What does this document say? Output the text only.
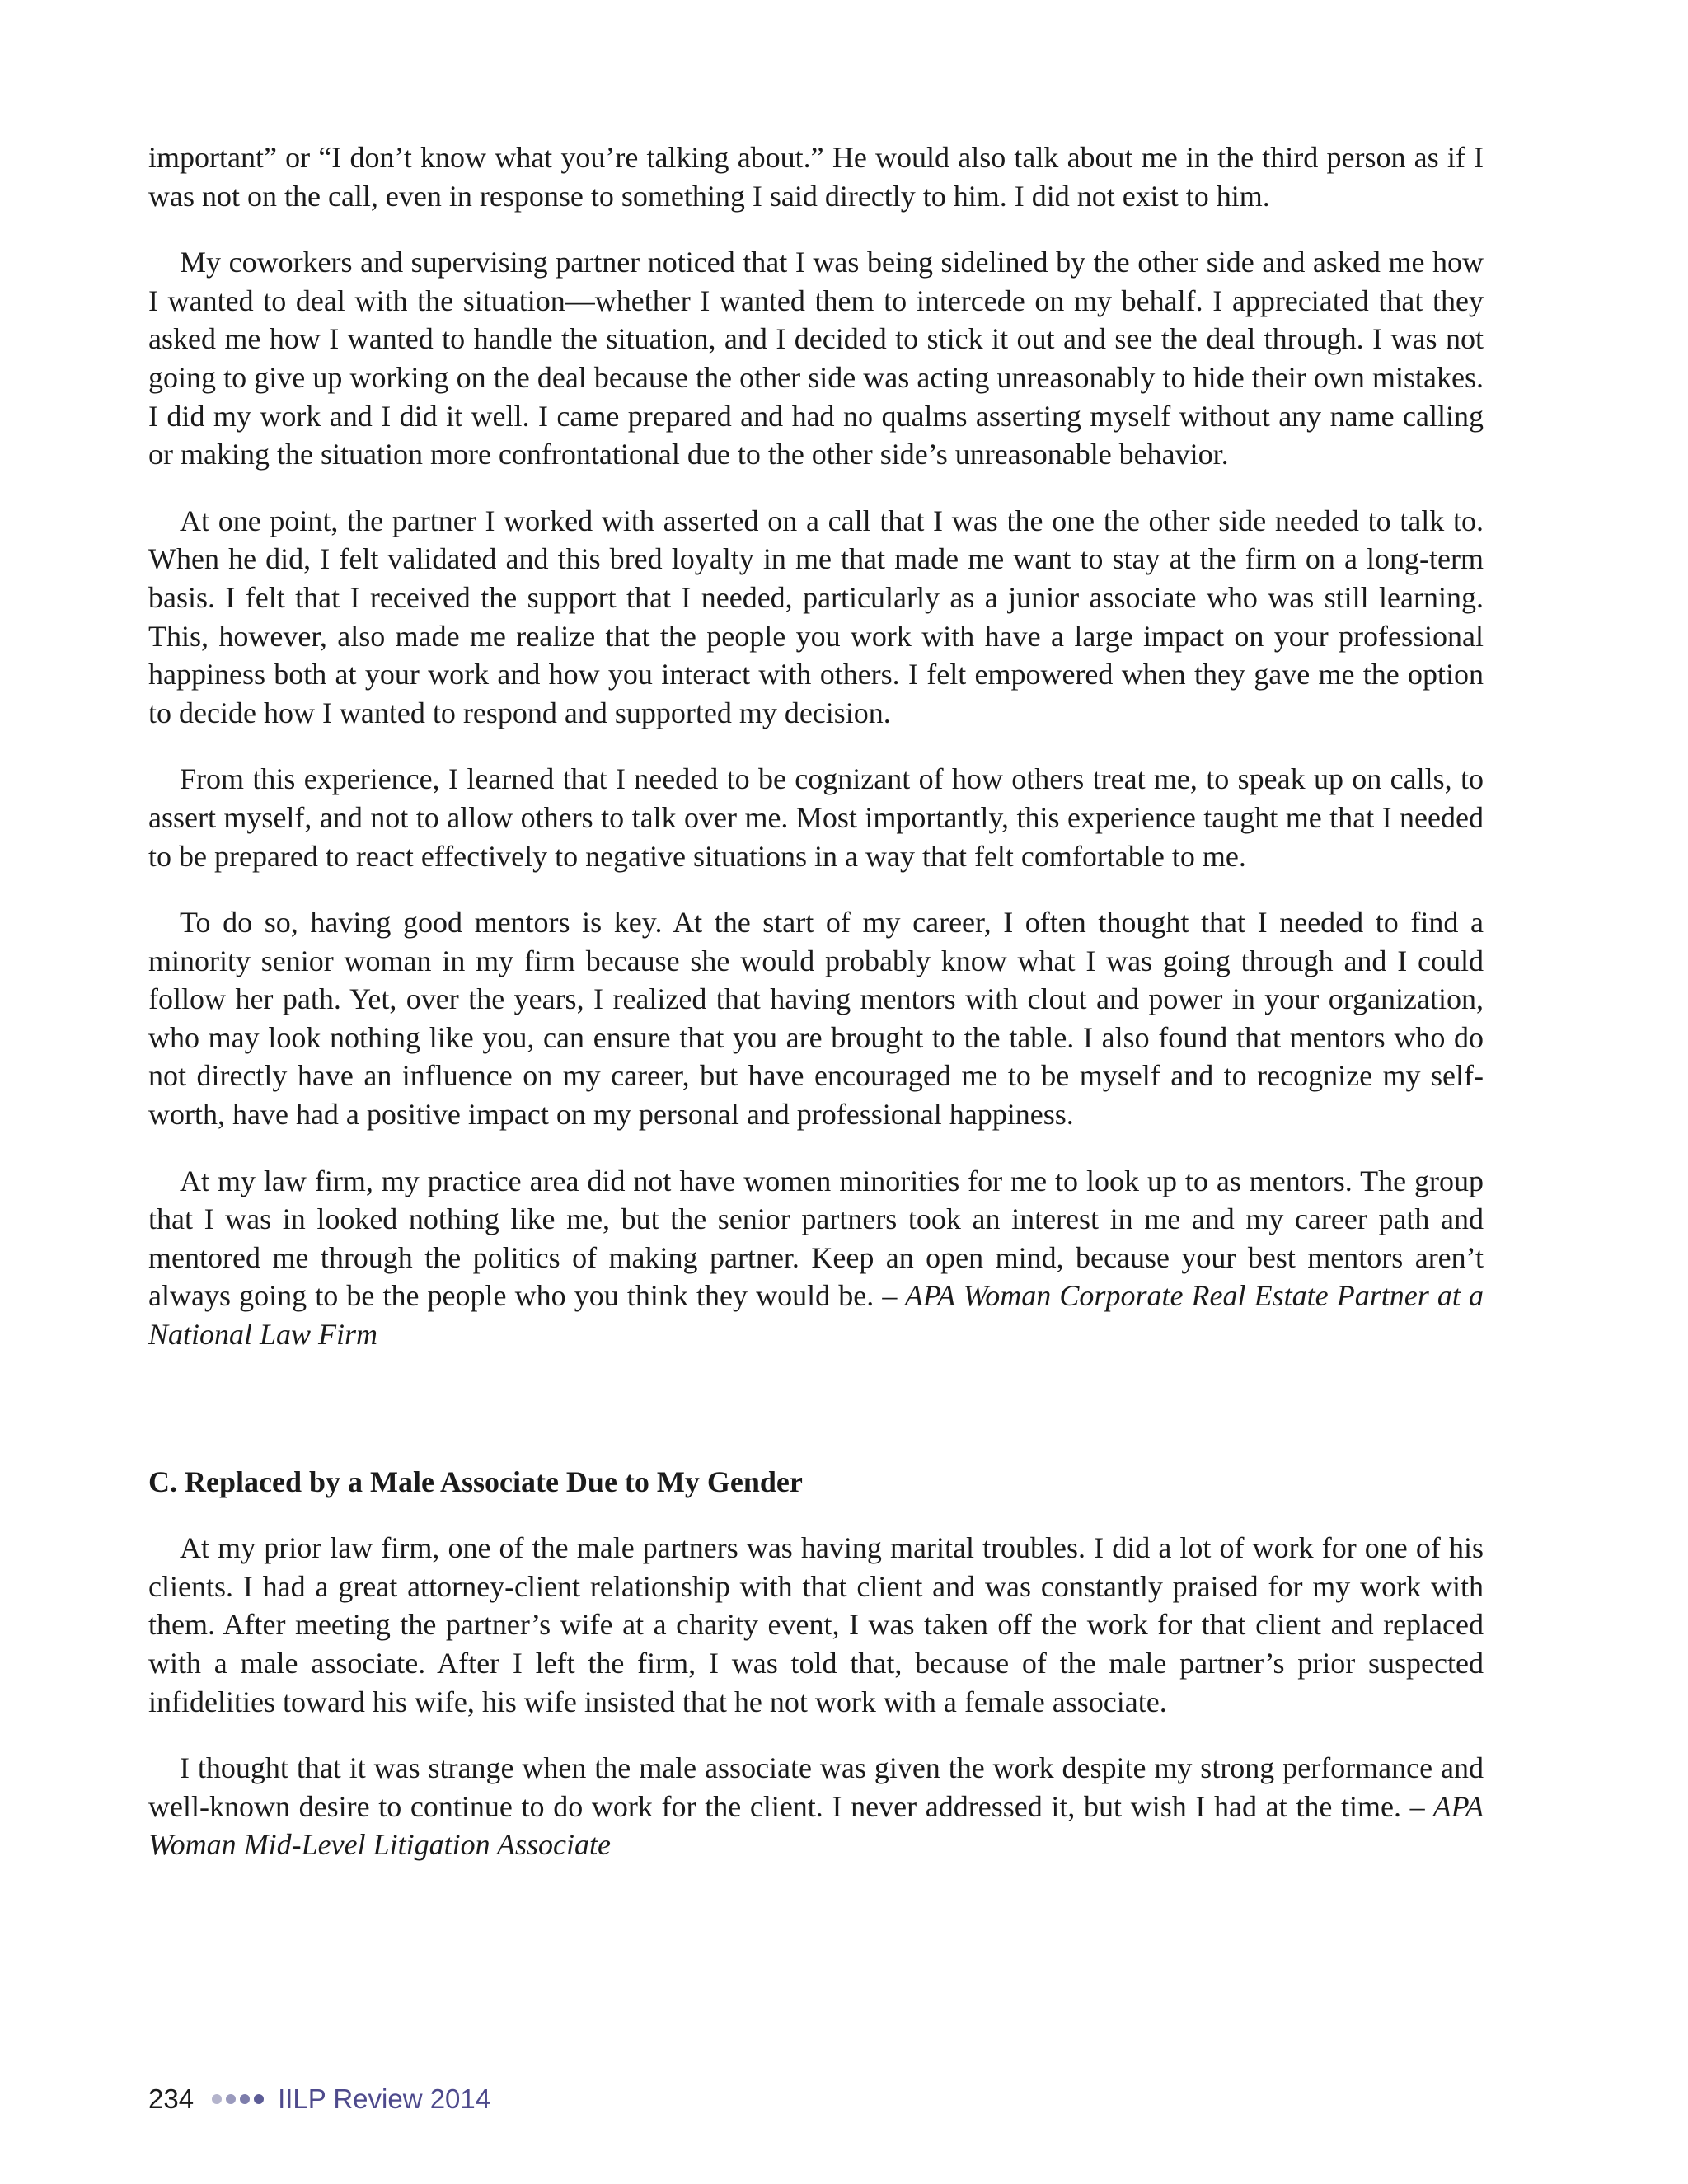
important” or “I don’t know what you’re talking about.” He would also talk about me in the third person as if I was not on the call, even in response to something I said directly to him. I did not exist to him.

My coworkers and supervising partner noticed that I was being sidelined by the other side and asked me how I wanted to deal with the situation—whether I wanted them to intercede on my behalf. I appreciated that they asked me how I wanted to handle the situation, and I decided to stick it out and see the deal through. I was not going to give up working on the deal because the other side was acting unreasonably to hide their own mistakes. I did my work and I did it well. I came prepared and had no qualms asserting myself without any name calling or making the situation more confrontational due to the other side’s unreasonable behavior.

At one point, the partner I worked with asserted on a call that I was the one the other side needed to talk to. When he did, I felt validated and this bred loyalty in me that made me want to stay at the firm on a long-term basis. I felt that I received the support that I needed, particularly as a junior associate who was still learning. This, however, also made me realize that the people you work with have a large impact on your professional happiness both at your work and how you interact with others. I felt empowered when they gave me the option to decide how I wanted to respond and supported my decision.

From this experience, I learned that I needed to be cognizant of how others treat me, to speak up on calls, to assert myself, and not to allow others to talk over me. Most importantly, this experience taught me that I needed to be prepared to react effectively to negative situations in a way that felt comfortable to me.

To do so, having good mentors is key. At the start of my career, I often thought that I needed to find a minority senior woman in my firm because she would probably know what I was going through and I could follow her path. Yet, over the years, I realized that having mentors with clout and power in your organization, who may look nothing like you, can ensure that you are brought to the table. I also found that mentors who do not directly have an influence on my career, but have encouraged me to be myself and to recognize my self-worth, have had a positive impact on my personal and professional happiness.

At my law firm, my practice area did not have women minorities for me to look up to as mentors. The group that I was in looked nothing like me, but the senior partners took an interest in me and my career path and mentored me through the politics of making partner. Keep an open mind, because your best mentors aren’t always going to be the people who you think they would be. – APA Woman Corporate Real Estate Partner at a National Law Firm

C. Replaced by a Male Associate Due to My Gender

At my prior law firm, one of the male partners was having marital troubles. I did a lot of work for one of his clients. I had a great attorney-client relationship with that client and was constantly praised for my work with them. After meeting the partner’s wife at a charity event, I was taken off the work for that client and replaced with a male associate. After I left the firm, I was told that, because of the male partner’s prior suspected infidelities toward his wife, his wife insisted that he not work with a female associate.

I thought that it was strange when the male associate was given the work despite my strong performance and well-known desire to continue to do work for the client. I never addressed it, but wish I had at the time. – APA Woman Mid-Level Litigation Associate

234	IILP Review 2014
